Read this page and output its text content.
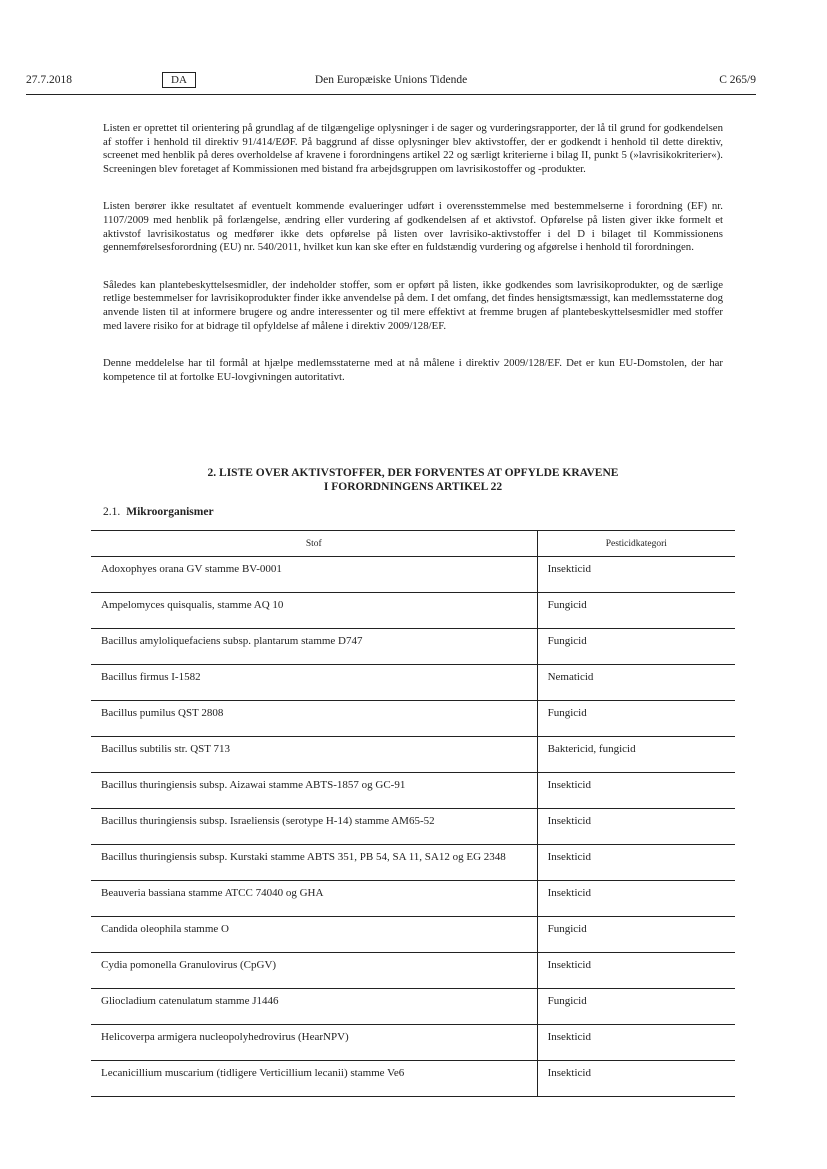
27.7.2018	DA	Den Europæiske Unions Tidende	C 265/9

Listen er oprettet til orientering på grundlag af de tilgængelige oplysninger i de sager og vurderingsrapporter, der lå til grund for godkendelsen af stoffer i henhold til direktiv 91/414/EØF. På baggrund af disse oplysninger blev aktivstoffer, der er godkendt i henhold til dette direktiv, screenet med henblik på deres overholdelse af kravene i forordningens artikel 22 og særligt kriterierne i bilag II, punkt 5 (»lavrisikokriterier«). Screeningen blev foretaget af Kommissionen med bistand fra arbejdsgruppen om lavrisikostoffer og -produkter.

Listen berører ikke resultatet af eventuelt kommende evalueringer udført i overensstemmelse med bestemmelserne i forordning (EF) nr. 1107/2009 med henblik på forlængelse, ændring eller vurdering af godkendelsen af et aktivstof. Opførelse på listen giver ikke formelt et aktivstof lavrisikostatus og medfører ikke dets opførelse på listen over lavrisiko-aktivstoffer i del D i bilaget til Kommissionens gennemførelsesforordning (EU) nr. 540/2011, hvilket kun kan ske efter en fuldstændig vurdering og afgørelse i henhold til forordningen.

Således kan plantebeskyttelsesmidler, der indeholder stoffer, som er opført på listen, ikke godkendes som lavrisikoprodukter, og de særlige retlige bestemmelser for lavrisikoprodukter finder ikke anvendelse på dem. I det omfang, det findes hensigtsmæssigt, kan medlemsstaterne dog anvende listen til at informere brugere og andre interessenter og til mere effektivt at fremme brugen af plantebeskyttelsesmidler med stoffer med lavere risiko for at bidrage til opfyldelse af målene i direktiv 2009/128/EF.

Denne meddelelse har til formål at hjælpe medlemsstaterne med at nå målene i direktiv 2009/128/EF. Det er kun EU-Domstolen, der har kompetence til at fortolke EU-lovgivningen autoritativt.

2. LISTE OVER AKTIVSTOFFER, DER FORVENTES AT OPFYLDE KRAVENE
I FORORDNINGENS ARTIKEL 22
2.1. Mikroorganismer
Stof	Pesticidkategori
Adoxophyes orana GV stamme BV-0001	Insekticid
Ampelomyces quisqualis, stamme AQ 10	Fungicid
Bacillus amyloliquefaciens subsp. plantarum stamme D747	Fungicid
Bacillus firmus I-1582	Nematicid
Bacillus pumilus QST 2808	Fungicid
Bacillus subtilis str. QST 713	Baktericid, fungicid
Bacillus thuringiensis subsp. Aizawai stamme ABTS-1857 og GC-91	Insekticid
Bacillus thuringiensis subsp. Israeliensis (serotype H-14) stamme AM65-52	Insekticid
Bacillus thuringiensis subsp. Kurstaki stamme ABTS 351, PB 54, SA 11, SA12 og EG 2348	Insekticid
Beauveria bassiana stamme ATCC 74040 og GHA	Insekticid
Candida oleophila stamme O	Fungicid
Cydia pomonella Granulovirus (CpGV)	Insekticid
Gliocladium catenulatum stamme J1446	Fungicid
Helicoverpa armigera nucleopolyhedrovirus (HearNPV)	Insekticid
Lecanicillium muscarium (tidligere Verticillium lecanii) stamme Ve6	Insekticid
